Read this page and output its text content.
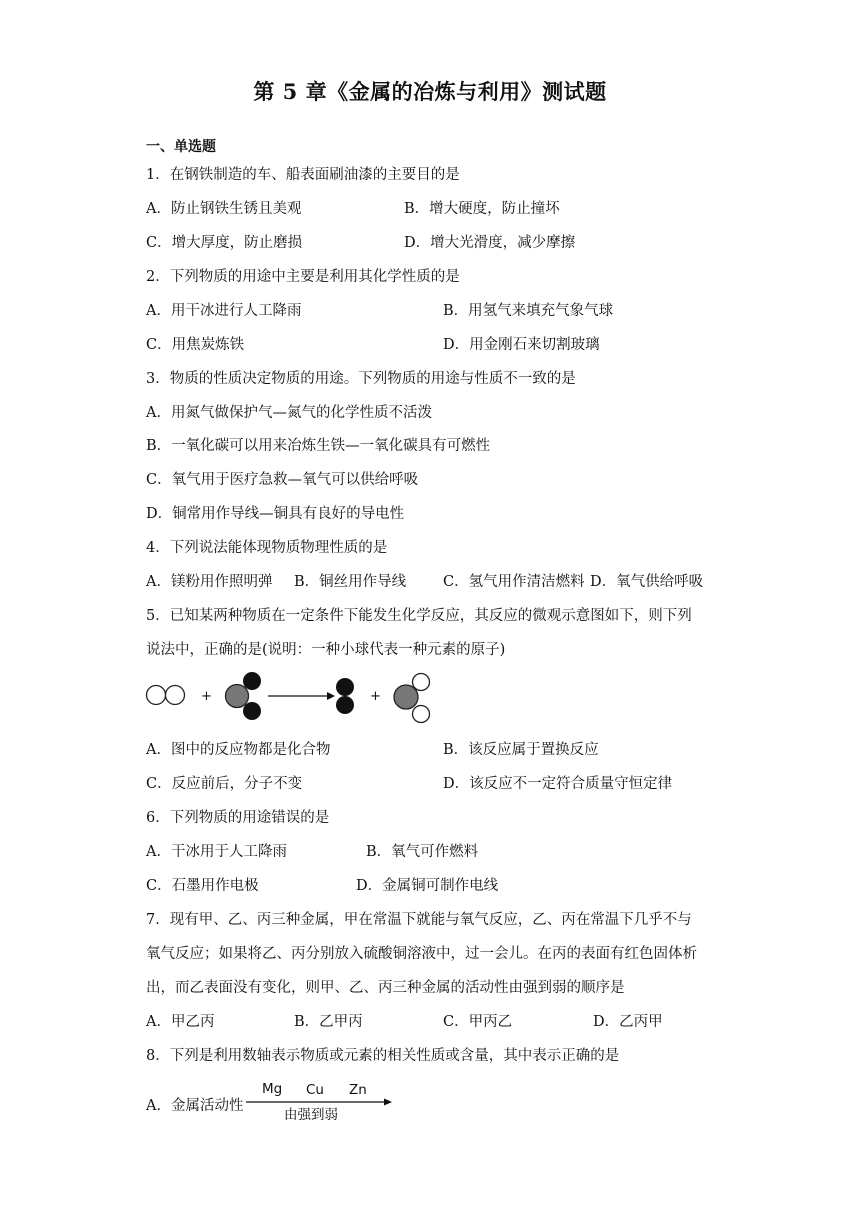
第 5 章《金属的冶炼与利用》测试题
一、单选题
1．在钢铁制造的车、船表面刷油漆的主要目的是
A．防止钢铁生锈且美观	B．增大硬度，防止撞坏
C．增大厚度，防止磨损	D．增大光滑度，减少摩擦
2．下列物质的用途中主要是利用其化学性质的是
A．用干冰进行人工降雨	B．用氢气来填充气象气球
C．用焦炭炼铁	D．用金刚石来切割玻璃
3．物质的性质决定物质的用途。下列物质的用途与性质不一致的是
A．用氮气做保护气—氮气的化学性质不活泼
B．一氧化碳可以用来冶炼生铁—一氧化碳具有可燃性
C．氧气用于医疗急救—氧气可以供给呼吸
D．铜常用作导线—铜具有良好的导电性
4．下列说法能体现物质物理性质的是
A．镁粉用作照明弹 B．铜丝用作导线	C．氢气用作清洁燃料 D．氧气供给呼吸
5．已知某两种物质在一定条件下能发生化学反应，其反应的微观示意图如下，则下列
说法中，正确的是(说明：一种小球代表一种元素的原子)
+	+
A．图中的反应物都是化合物	B．该反应属于置换反应
C．反应前后，分子不变	D．该反应不一定符合质量守恒定律
6．下列物质的用途错误的是
A．干冰用于人工降雨	B．氧气可作燃料
C．石墨用作电极	D．金属铜可制作电线
7．现有甲、乙、丙三种金属，甲在常温下就能与氧气反应，乙、丙在常温下几乎不与
氧气反应；如果将乙、丙分别放入硫酸铜溶液中，过一会儿。在丙的表面有红色固体析
出，而乙表面没有变化，则甲、乙、丙三种金属的活动性由强到弱的顺序是
A．甲乙丙	B．乙甲丙	C．甲丙乙	D．乙丙甲
8．下列是利用数轴表示物质或元素的相关性质或含量，其中表示正确的是
A．金属活动性
Mg Cu Zn
由强到弱
